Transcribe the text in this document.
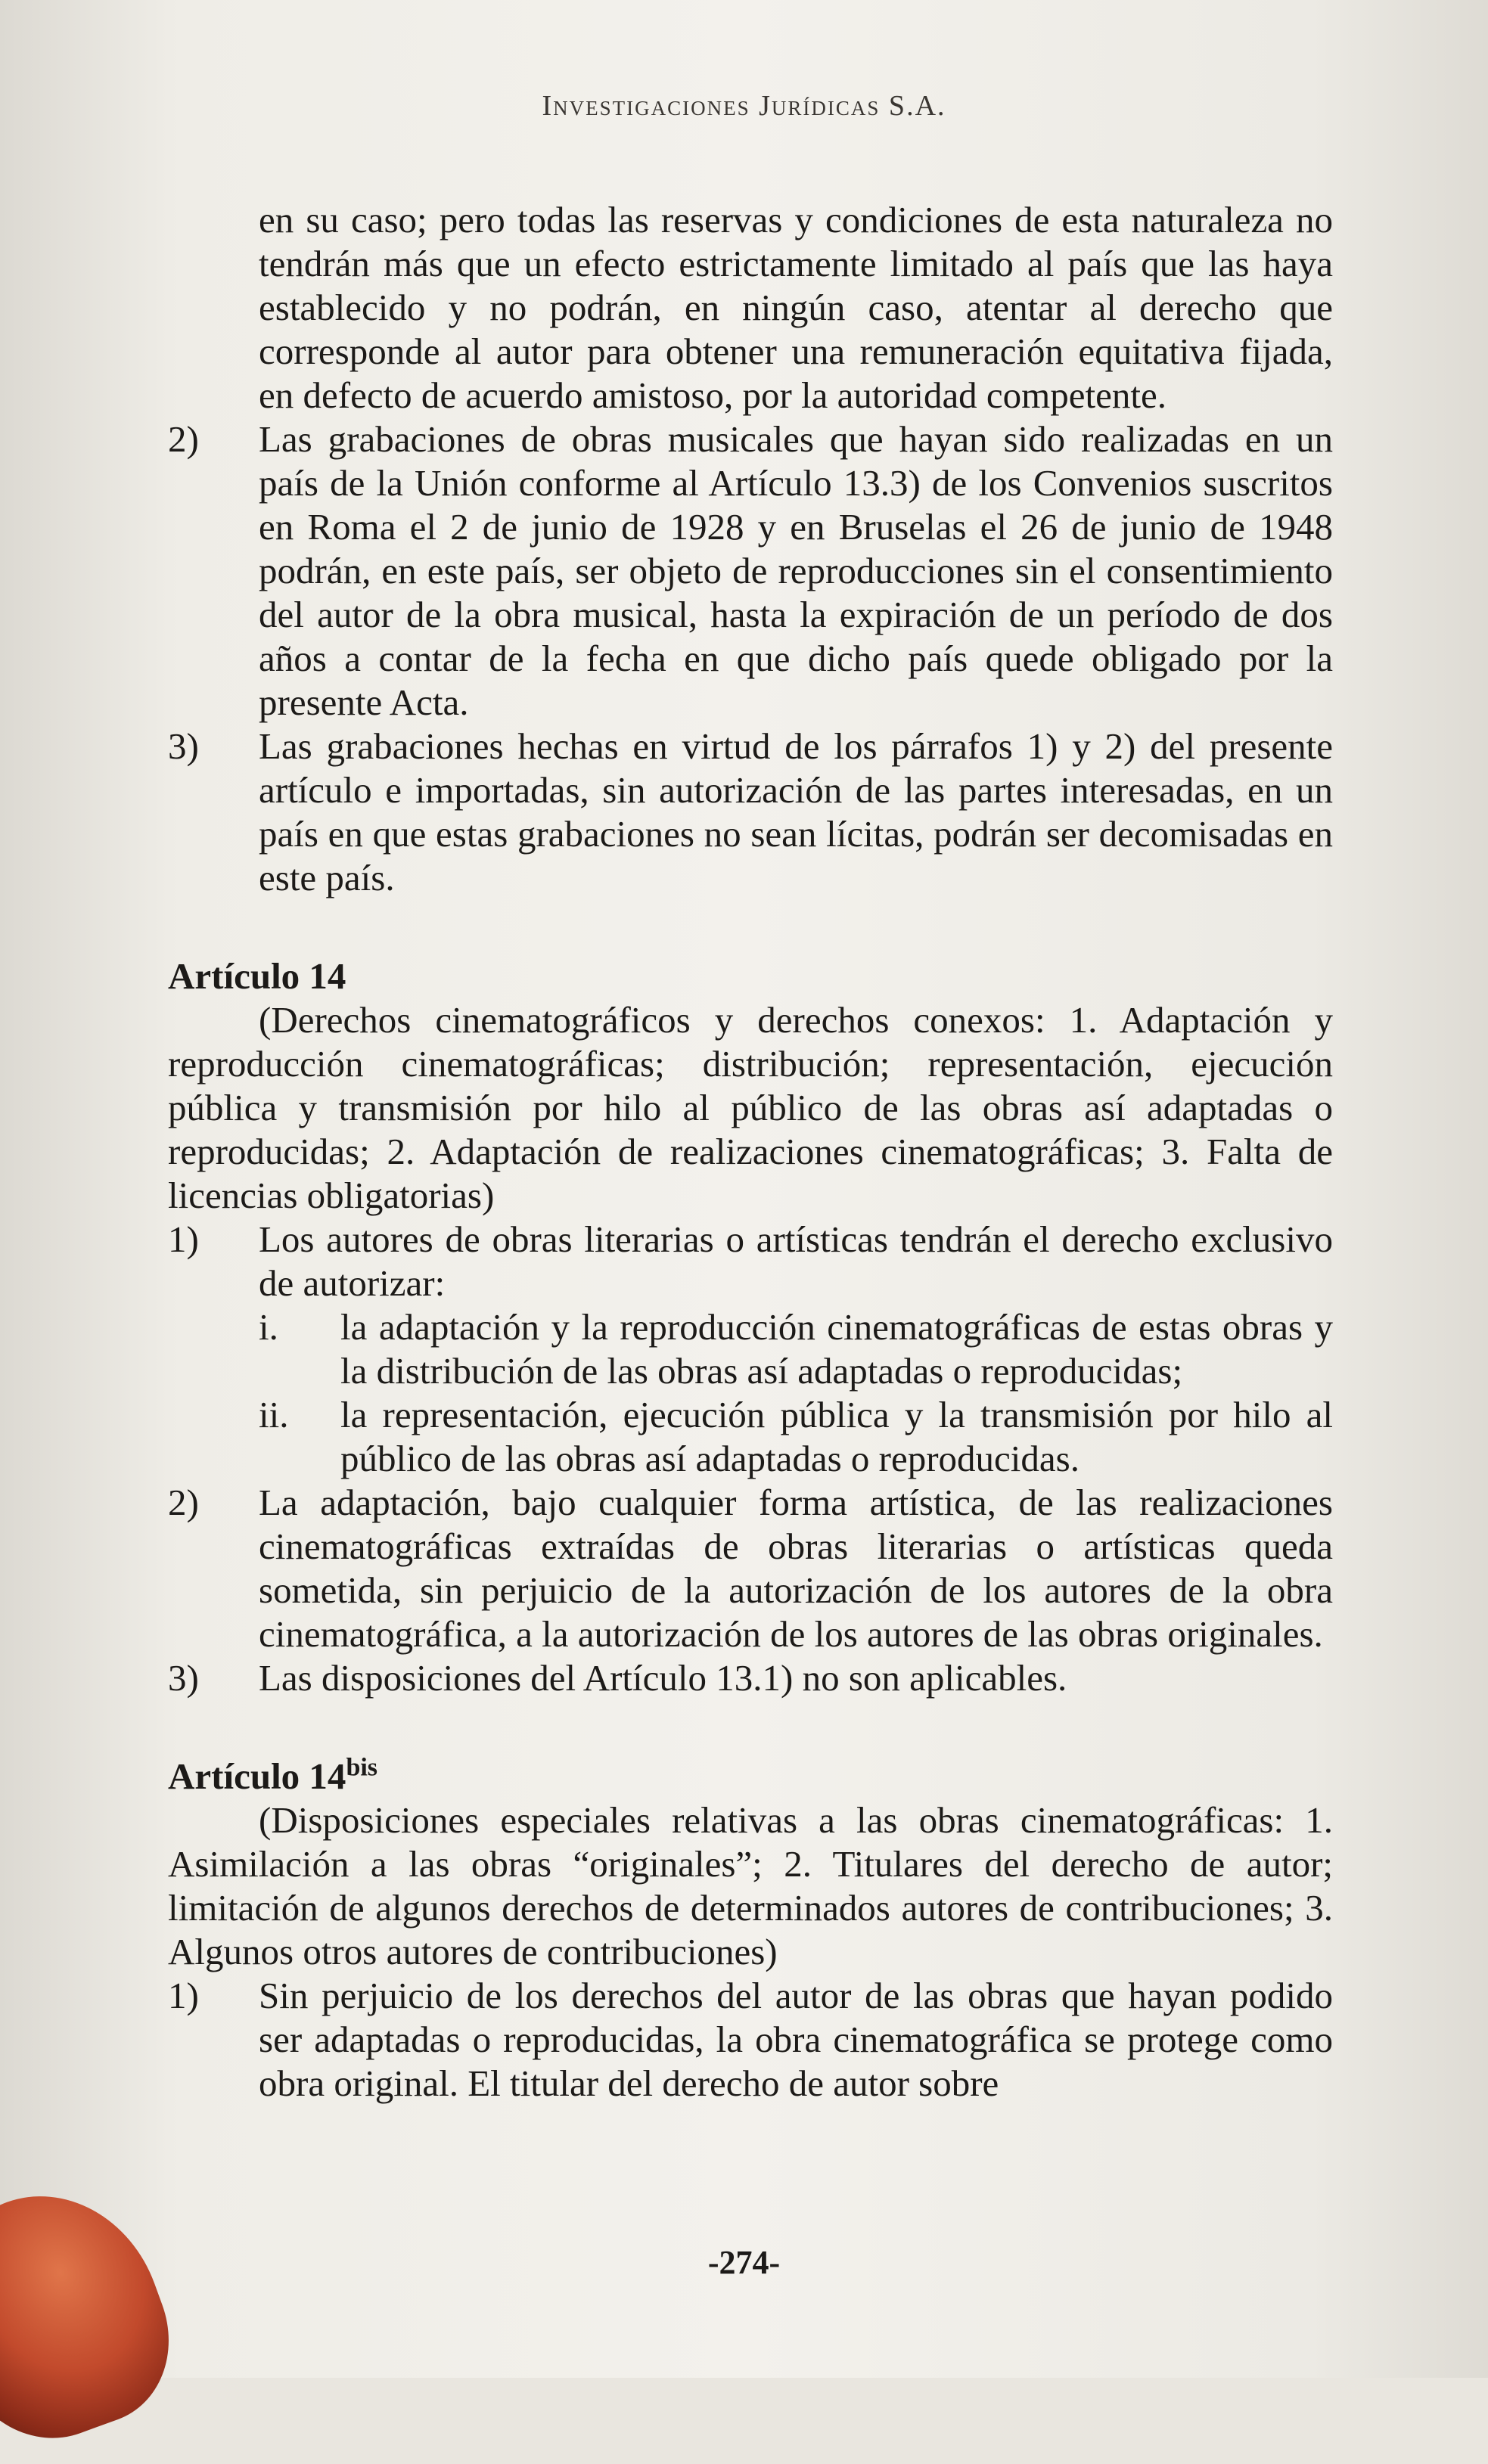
Investigaciones Jurídicas S.A.

en su caso; pero todas las reservas y condiciones de esta naturaleza no tendrán más que un efecto estrictamente limitado al país que las haya establecido y no podrán, en ningún caso, atentar al derecho que corresponde al autor para obtener una remuneración equitativa fijada, en defecto de acuerdo amistoso, por la autoridad competente.

2) Las grabaciones de obras musicales que hayan sido realizadas en un país de la Unión conforme al Artículo 13.3) de los Convenios suscritos en Roma el 2 de junio de 1928 y en Bruselas el 26 de junio de 1948 podrán, en este país, ser objeto de reproducciones sin el consentimiento del autor de la obra musical, hasta la expiración de un período de dos años a contar de la fecha en que dicho país quede obligado por la presente Acta.

3) Las grabaciones hechas en virtud de los párrafos 1) y 2) del presente artículo e importadas, sin autorización de las partes interesadas, en un país en que estas grabaciones no sean lícitas, podrán ser decomisadas en este país.

Artículo 14

(Derechos cinematográficos y derechos conexos: 1. Adaptación y reproducción cinematográficas; distribución; representación, ejecución pública y transmisión por hilo al público de las obras así adaptadas o reproducidas; 2. Adaptación de realizaciones cinematográficas; 3. Falta de licencias obligatorias)

1) Los autores de obras literarias o artísticas tendrán el derecho exclusivo de autorizar:

i. la adaptación y la reproducción cinematográficas de estas obras y la distribución de las obras así adaptadas o reproducidas;

ii. la representación, ejecución pública y la transmisión por hilo al público de las obras así adaptadas o reproducidas.

2) La adaptación, bajo cualquier forma artística, de las realizaciones cinematográficas extraídas de obras literarias o artísticas queda sometida, sin perjuicio de la autorización de los autores de la obra cinematográfica, a la autorización de los autores de las obras originales.

3) Las disposiciones del Artículo 13.1) no son aplicables.

Artículo $14^{bis}$

(Disposiciones especiales relativas a las obras cinematográficas: 1. Asimilación a las obras “originales”; 2. Titulares del derecho de autor; limitación de algunos derechos de determinados autores de contribuciones; 3. Algunos otros autores de contribuciones)

1) Sin perjuicio de los derechos del autor de las obras que hayan podido ser adaptadas o reproducidas, la obra cinematográfica se protege como obra original. El titular del derecho de autor sobre

-274-
